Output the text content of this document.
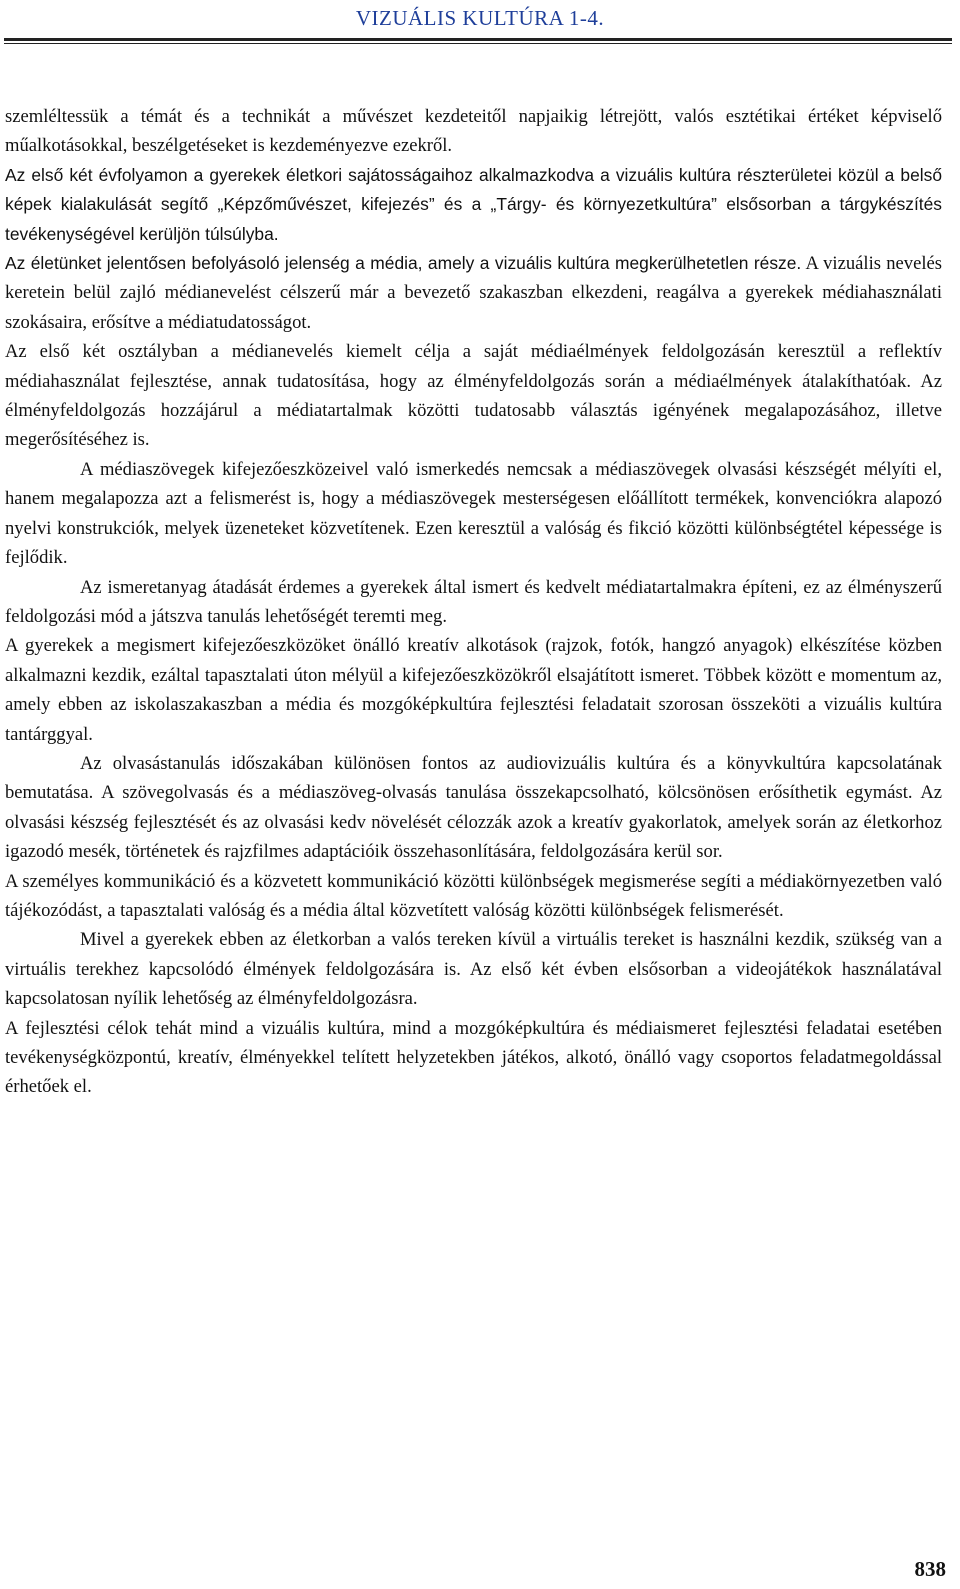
VIZUÁLIS KULTÚRA 1-4.

szemléltessük a témát és a technikát a művészet kezdeteitől napjaikig létrejött, valós esztétikai értéket képviselő műalkotásokkal, beszélgetéseket is kezdeményezve ezekről.

Az első két évfolyamon a gyerekek életkori sajátosságaihoz alkalmazkodva a vizuális kultúra részterületei közül a belső képek kialakulását segítő „Képzőművészet, kifejezés” és a „Tárgy- és környezetkultúra” elsősorban a tárgykészítés tevékenységével kerüljön túlsúlyba.

Az életünket jelentősen befolyásoló jelenség a média, amely a vizuális kultúra megkerülhetetlen része. A vizuális nevelés keretein belül zajló médianevelést célszerű már a bevezető szakaszban elkezdeni, reagálva a gyerekek médiahasználati szokásaira, erősítve a médiatudatosságot.

Az első két osztályban a médianevelés kiemelt célja a saját médiaélmények feldolgozásán keresztül a reflektív médiahasználat fejlesztése, annak tudatosítása, hogy az élményfeldolgozás során a médiaélmények átalakíthatóak. Az élményfeldolgozás hozzájárul a médiatartalmak közötti tudatosabb választás igényének megalapozásához, illetve megerősítéséhez is.

A médiaszövegek kifejezőeszközeivel való ismerkedés nemcsak a médiaszövegek olvasási készségét mélyíti el, hanem megalapozza azt a felismerést is, hogy a médiaszövegek mesterségesen előállított termékek, konvenciókra alapozó nyelvi konstrukciók, melyek üzeneteket közvetítenek. Ezen keresztül a valóság és fikció közötti különbségtétel képessége is fejlődik.

Az ismeretanyag átadását érdemes a gyerekek által ismert és kedvelt médiatartalmakra építeni, ez az élményszerű feldolgozási mód a játszva tanulás lehetőségét teremti meg.

A gyerekek a megismert kifejezőeszközöket önálló kreatív alkotások (rajzok, fotók, hangzó anyagok) elkészítése közben alkalmazni kezdik, ezáltal tapasztalati úton mélyül a kifejezőeszközökről elsajátított ismeret. Többek között e momentum az, amely ebben az iskolaszakaszban a média és mozgóképkultúra fejlesztési feladatait szorosan összeköti a vizuális kultúra tantárggyal.

Az olvasástanulás időszakában különösen fontos az audiovizuális kultúra és a könyvkultúra kapcsolatának bemutatása. A szövegolvasás és a médiaszöveg-olvasás tanulása összekapcsolható, kölcsönösen erősíthetik egymást. Az olvasási készség fejlesztését és az olvasási kedv növelését célozzák azok a kreatív gyakorlatok, amelyek során az életkorhoz igazodó mesék, történetek és rajzfilmes adaptációik összehasonlítására, feldolgozására kerül sor.

A személyes kommunikáció és a közvetett kommunikáció közötti különbségek megismerése segíti a médiakörnyezetben való tájékozódást, a tapasztalati valóság és a média által közvetített valóság közötti különbségek felismerését.

Mivel a gyerekek ebben az életkorban a valós tereken kívül a virtuális tereket is használni kezdik, szükség van a virtuális terekhez kapcsolódó élmények feldolgozására is. Az első két évben elsősorban a videojátékok használatával kapcsolatosan nyílik lehetőség az élményfeldolgozásra.

A fejlesztési célok tehát mind a vizuális kultúra, mind a mozgóképkultúra és médiaismeret fejlesztési feladatai esetében tevékenységközpontú, kreatív, élményekkel telített helyzetekben játékos, alkotó, önálló vagy csoportos feladatmegoldással érhetőek el.

838
